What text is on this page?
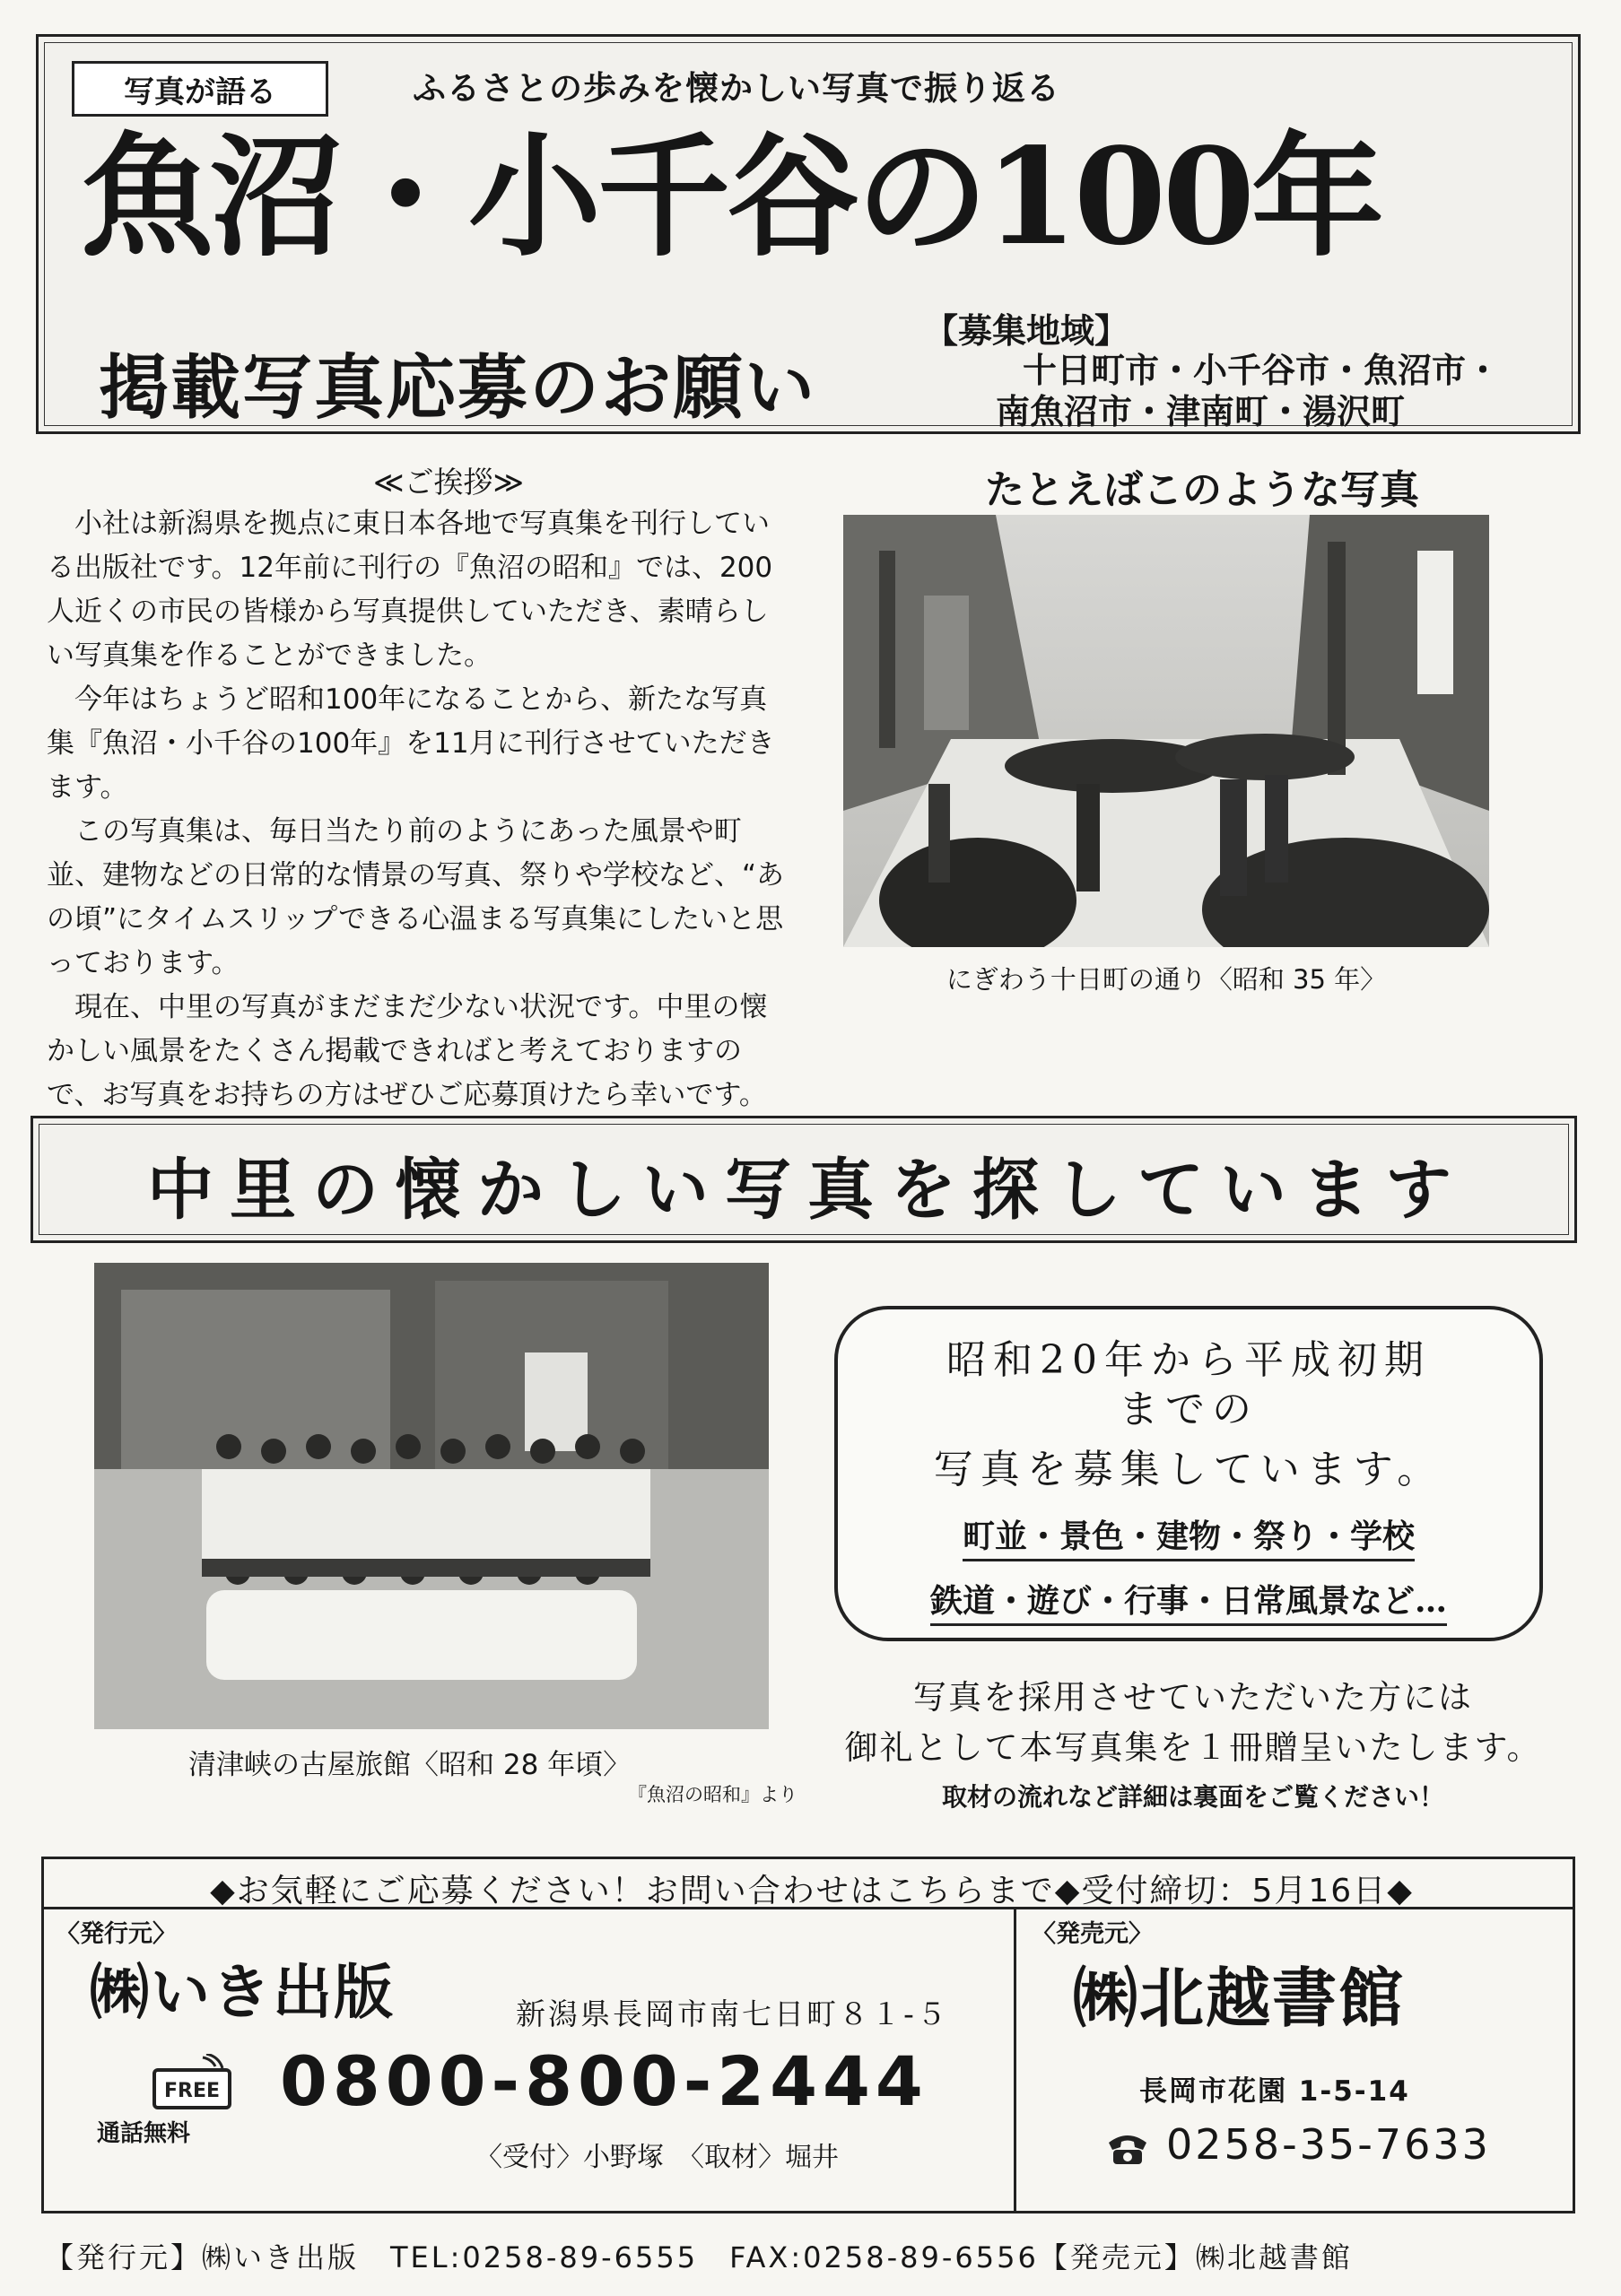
写真が語る	ふるさとの歩みを懐かしい写真で振り返る
魚沼・小千谷の100年
掲載写真応募のお願い
【募集地域】
十日町市・小千谷市・魚沼市・
南魚沼市・津南町・湯沢町
≪ご挨拶≫

小社は新潟県を拠点に東日本各地で写真集を刊行している出版社です。12年前に刊行の『魚沼の昭和』では、200人近くの市民の皆様から写真提供していただき、素晴らしい写真集を作ることができました。

今年はちょうど昭和100年になることから、新たな写真集『魚沼・小千谷の100年』を11月に刊行させていただきます。

この写真集は、毎日当たり前のようにあった風景や町並、建物などの日常的な情景の写真、祭りや学校など、“あの頃”にタイムスリップできる心温まる写真集にしたいと思っております。

現在、中里の写真がまだまだ少ない状況です。中里の懐かしい風景をたくさん掲載できればと考えておりますので、お写真をお持ちの方はぜひご応募頂けたら幸いです。

たとえばこのような写真
にぎわう十日町の通り〈昭和 35 年〉
中里の懐かしい写真を探しています
清津峡の古屋旅館〈昭和 28 年頃〉
『魚沼の昭和』より
昭和20年から平成初期
までの
写真を募集しています。
町並・景色・建物・祭り・学校
鉄道・遊び・行事・日常風景など…
写真を採用させていただいた方には
御礼として本写真集を１冊贈呈いたします。
取材の流れなど詳細は裏面をご覧ください！
◆お気軽にご応募ください！お問い合わせはこちらまで◆受付締切：5月16日◆
〈発行元〉
㈱いき出版	新潟県長岡市南七日町８１-５
FREE
通話無料
0800-800-2444
〈受付〉小野塚　〈取材〉堀井
〈発売元〉
㈱北越書館
長岡市花園 1-5-14
0258-35-7633
【発行元】㈱いき出版　TEL:0258-89-6555　FAX:0258-89-6556【発売元】㈱北越書館
